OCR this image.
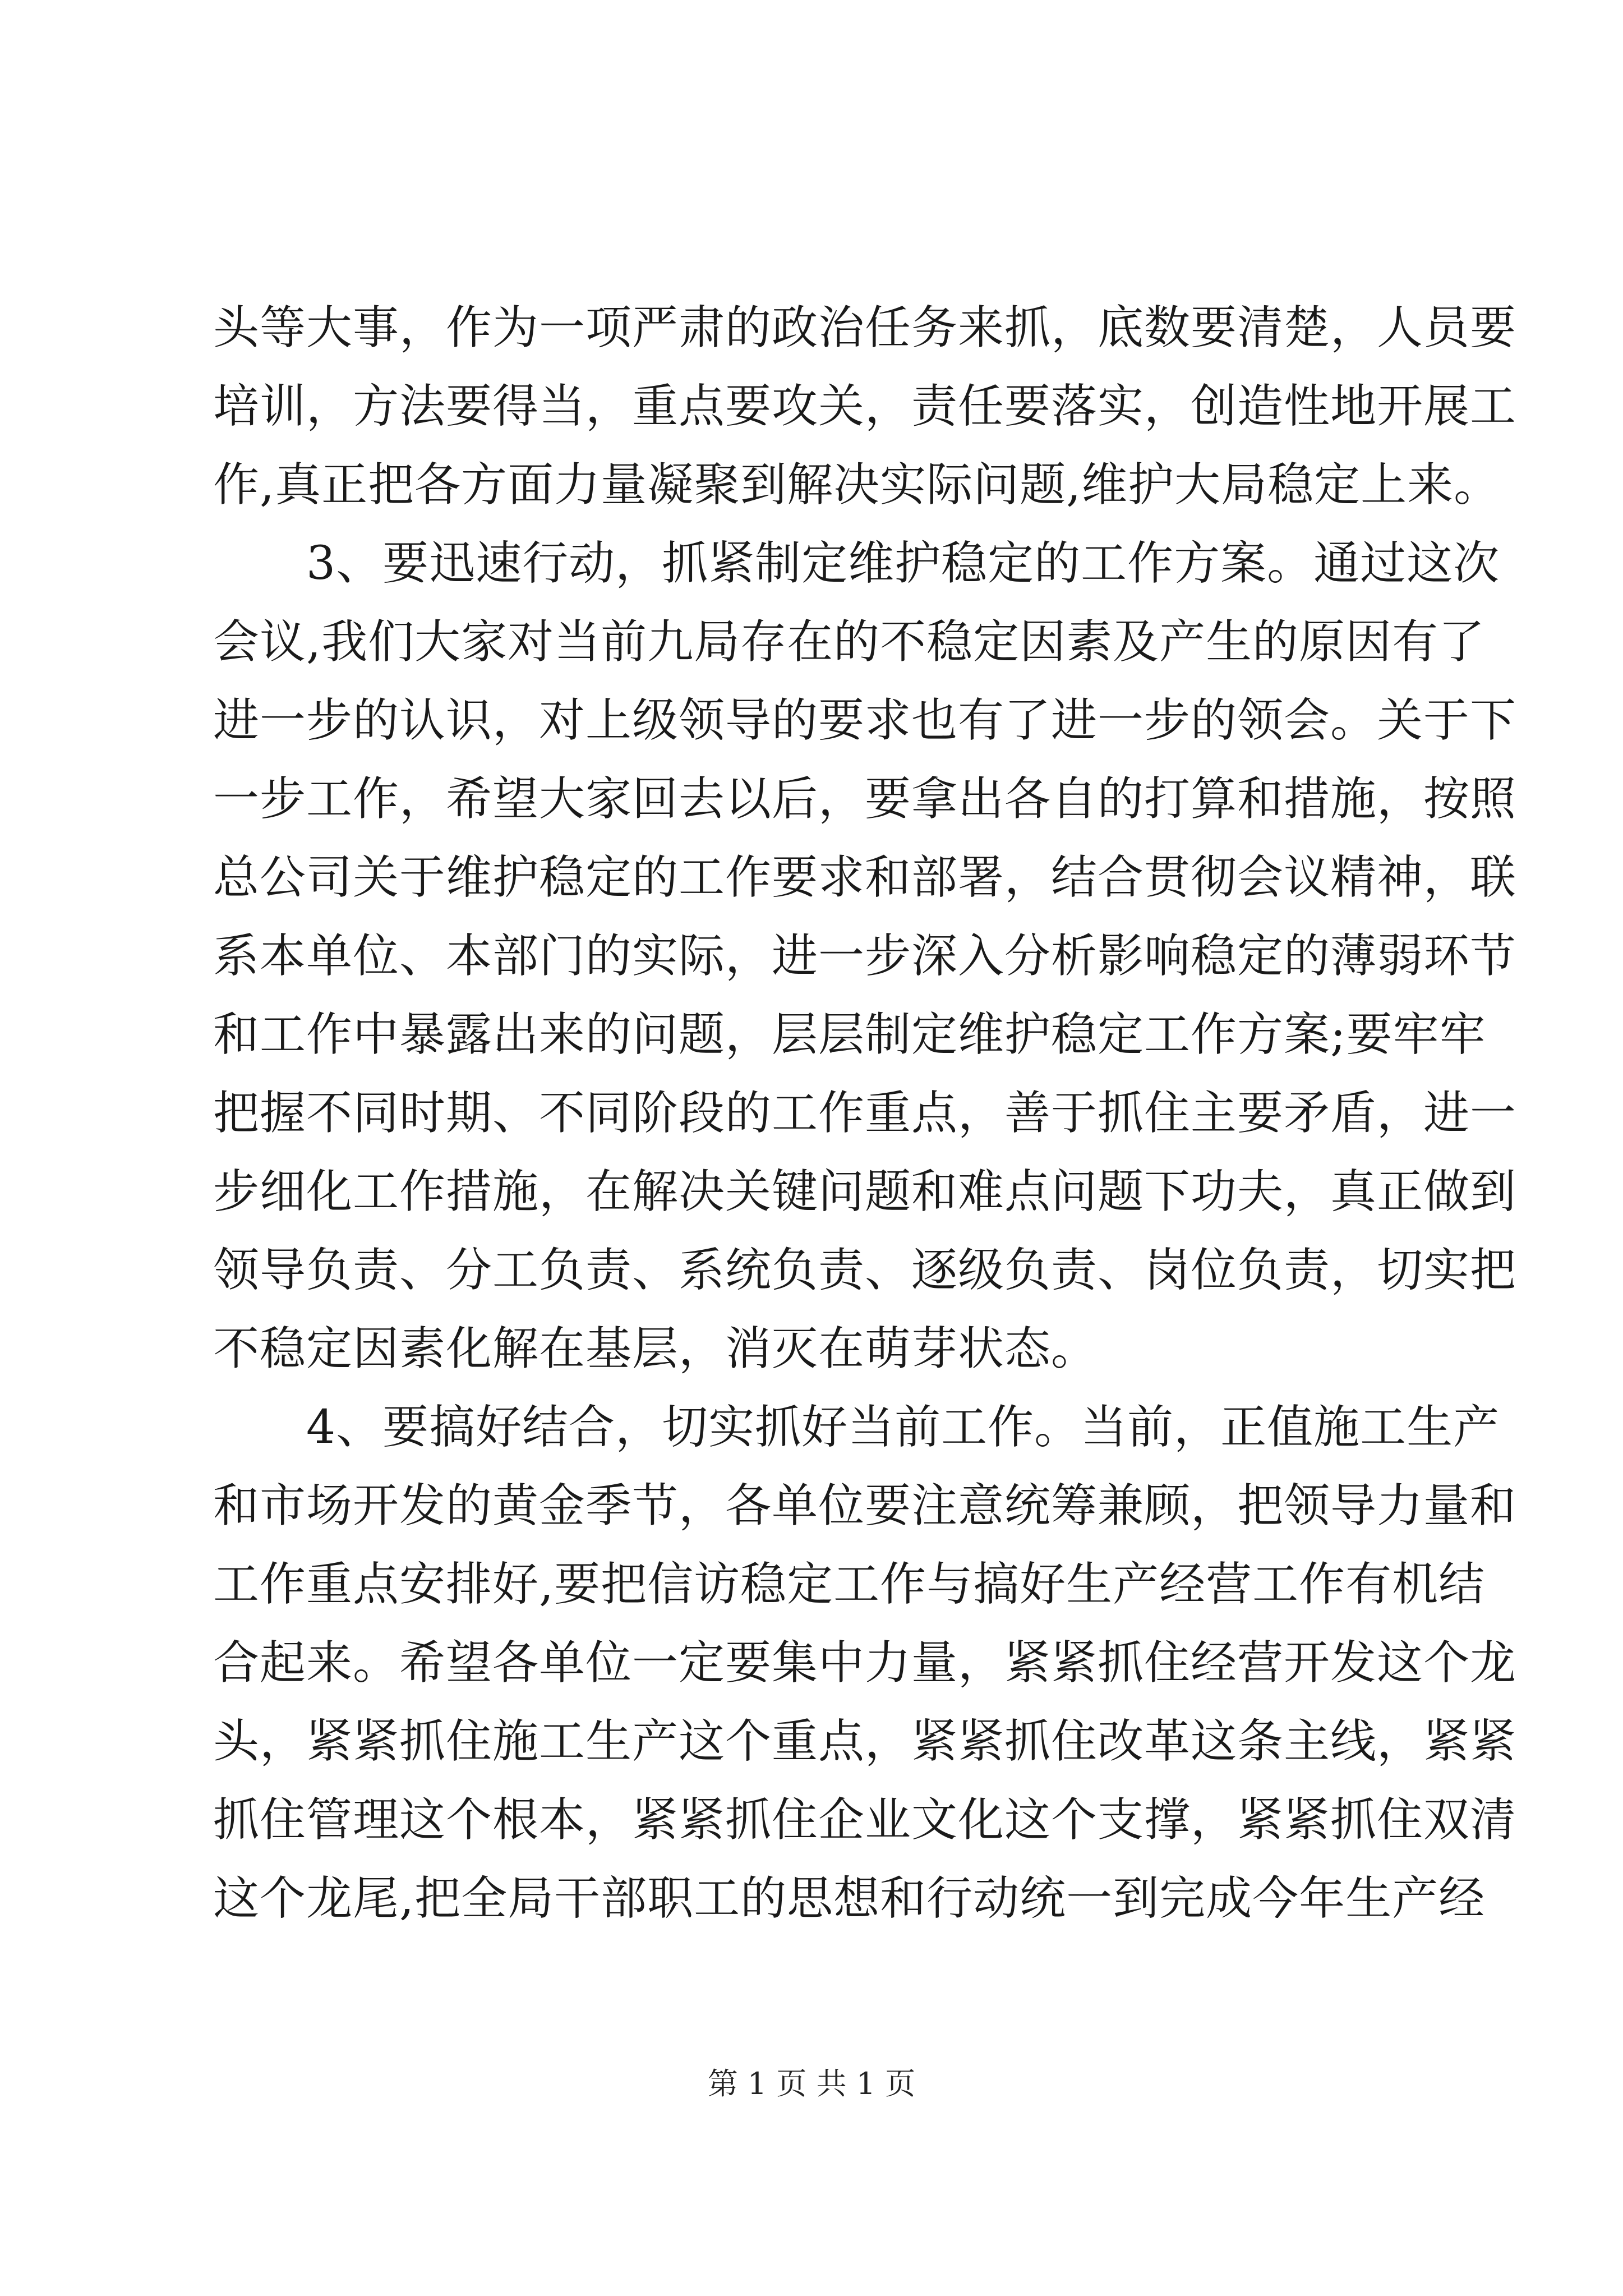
头等大事，作为一项严肃的政治任务来抓，底数要清楚，人员要
培训，方法要得当，重点要攻关，责任要落实，创造性地开展工
作,真正把各方面力量凝聚到解决实际问题,维护大局稳定上来。
　　3、要迅速行动，抓紧制定维护稳定的工作方案。通过这次
会议,我们大家对当前九局存在的不稳定因素及产生的原因有了
进一步的认识，对上级领导的要求也有了进一步的领会。关于下
一步工作，希望大家回去以后，要拿出各自的打算和措施，按照
总公司关于维护稳定的工作要求和部署，结合贯彻会议精神，联
系本单位、本部门的实际，进一步深入分析影响稳定的薄弱环节
和工作中暴露出来的问题，层层制定维护稳定工作方案;要牢牢
把握不同时期、不同阶段的工作重点，善于抓住主要矛盾，进一
步细化工作措施，在解决关键问题和难点问题下功夫，真正做到
领导负责、分工负责、系统负责、逐级负责、岗位负责，切实把
不稳定因素化解在基层，消灭在萌芽状态。
　　4、要搞好结合，切实抓好当前工作。当前，正值施工生产
和市场开发的黄金季节，各单位要注意统筹兼顾，把领导力量和
工作重点安排好,要把信访稳定工作与搞好生产经营工作有机结
合起来。希望各单位一定要集中力量，紧紧抓住经营开发这个龙
头，紧紧抓住施工生产这个重点，紧紧抓住改革这条主线，紧紧
抓住管理这个根本，紧紧抓住企业文化这个支撑，紧紧抓住双清
这个龙尾,把全局干部职工的思想和行动统一到完成今年生产经
第 1 页 共 1 页
